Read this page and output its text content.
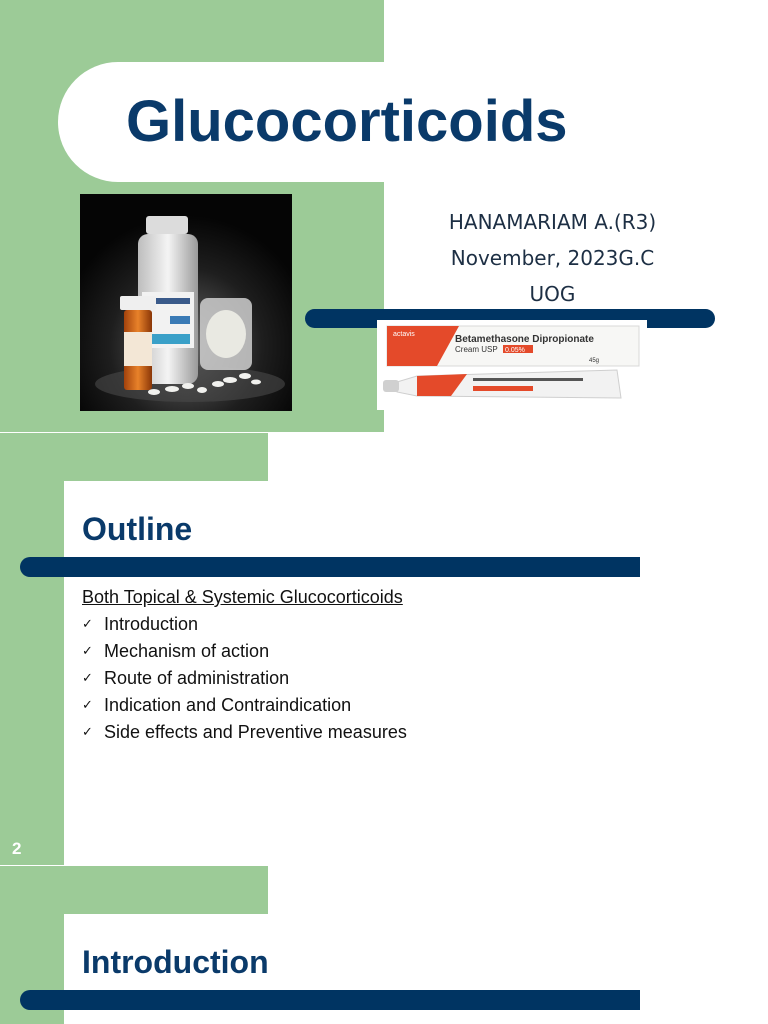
Glucocorticoids
HANAMARIAM A.(R3)
November, 2023G.C
UOG
actavis	Betamethasone Dipropionate
Cream USP 0.05%
45g
Outline
Both Topical & Systemic Glucocorticoids
✓ Introduction
✓ Mechanism of action
✓ Route of administration
✓ Indication and Contraindication
✓ Side effects and Preventive measures
2
Introduction
